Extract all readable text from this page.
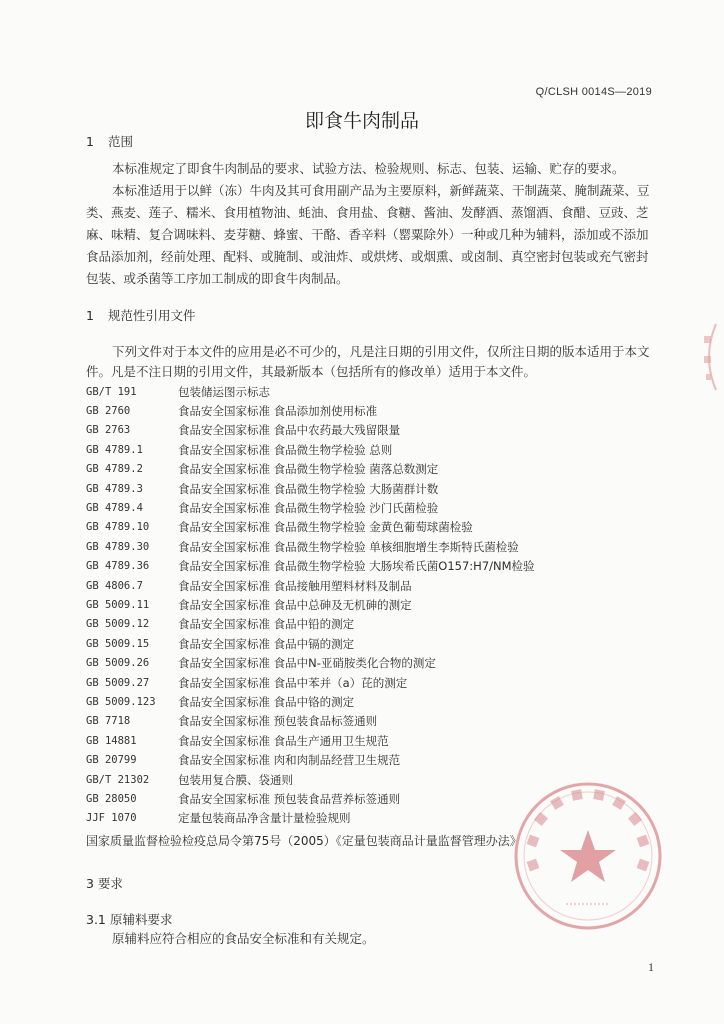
Q/CLSH 0014S—2019
即食牛肉制品
1 范围
本标准规定了即食牛肉制品的要求、试验方法、检验规则、标志、包装、运输、贮存的要求。
本标准适用于以鲜（冻）牛肉及其可食用副产品为主要原料，新鲜蔬菜、干制蔬菜、腌制蔬菜、豆类、燕麦、莲子、糯米、食用植物油、蚝油、食用盐、食糖、酱油、发酵酒、蒸馏酒、食醋、豆豉、芝麻、味精、复合调味料、麦芽糖、蜂蜜、干酪、香辛料（罂粟除外）一种或几种为辅料，添加或不添加食品添加剂，经前处理、配料、或腌制、或油炸、或烘烤、或烟熏、或卤制、真空密封包装或充气密封包装、或杀菌等工序加工制成的即食牛肉制品。
1 规范性引用文件
下列文件对于本文件的应用是必不可少的，凡是注日期的引用文件，仅所注日期的版本适用于本文件。凡是不注日期的引用文件，其最新版本（包括所有的修改单）适用于本文件。
GB/T 191	包装储运图示标志
GB 2760	食品安全国家标准 食品添加剂使用标准
GB 2763	食品安全国家标准 食品中农药最大残留限量
GB 4789.1	食品安全国家标准 食品微生物学检验 总则
GB 4789.2	食品安全国家标准 食品微生物学检验 菌落总数测定
GB 4789.3	食品安全国家标准 食品微生物学检验 大肠菌群计数
GB 4789.4	食品安全国家标准 食品微生物学检验 沙门氏菌检验
GB 4789.10	食品安全国家标准 食品微生物学检验 金黄色葡萄球菌检验
GB 4789.30	食品安全国家标准 食品微生物学检验 单核细胞增生李斯特氏菌检验
GB 4789.36	食品安全国家标准 食品微生物学检验 大肠埃希氏菌O157:H7/NM检验
GB 4806.7	食品安全国家标准 食品接触用塑料材料及制品
GB 5009.11	食品安全国家标准 食品中总砷及无机砷的测定
GB 5009.12	食品安全国家标准 食品中铅的测定
GB 5009.15	食品安全国家标准 食品中镉的测定
GB 5009.26	食品安全国家标准 食品中N-亚硝胺类化合物的测定
GB 5009.27	食品安全国家标准 食品中苯并（a）芘的测定
GB 5009.123	食品安全国家标准 食品中铬的测定
GB 7718	食品安全国家标准 预包装食品标签通则
GB 14881	食品安全国家标准 食品生产通用卫生规范
GB 20799	食品安全国家标准 肉和肉制品经营卫生规范
GB/T 21302	包装用复合膜、袋通则
GB 28050	食品安全国家标准 预包装食品营养标签通则
JJF 1070	定量包装商品净含量计量检验规则
国家质量监督检验检疫总局令第75号（2005）《定量包装商品计量监督管理办法》
3 要求
3.1 原辅料要求
原辅料应符合相应的食品安全标准和有关规定。
1
